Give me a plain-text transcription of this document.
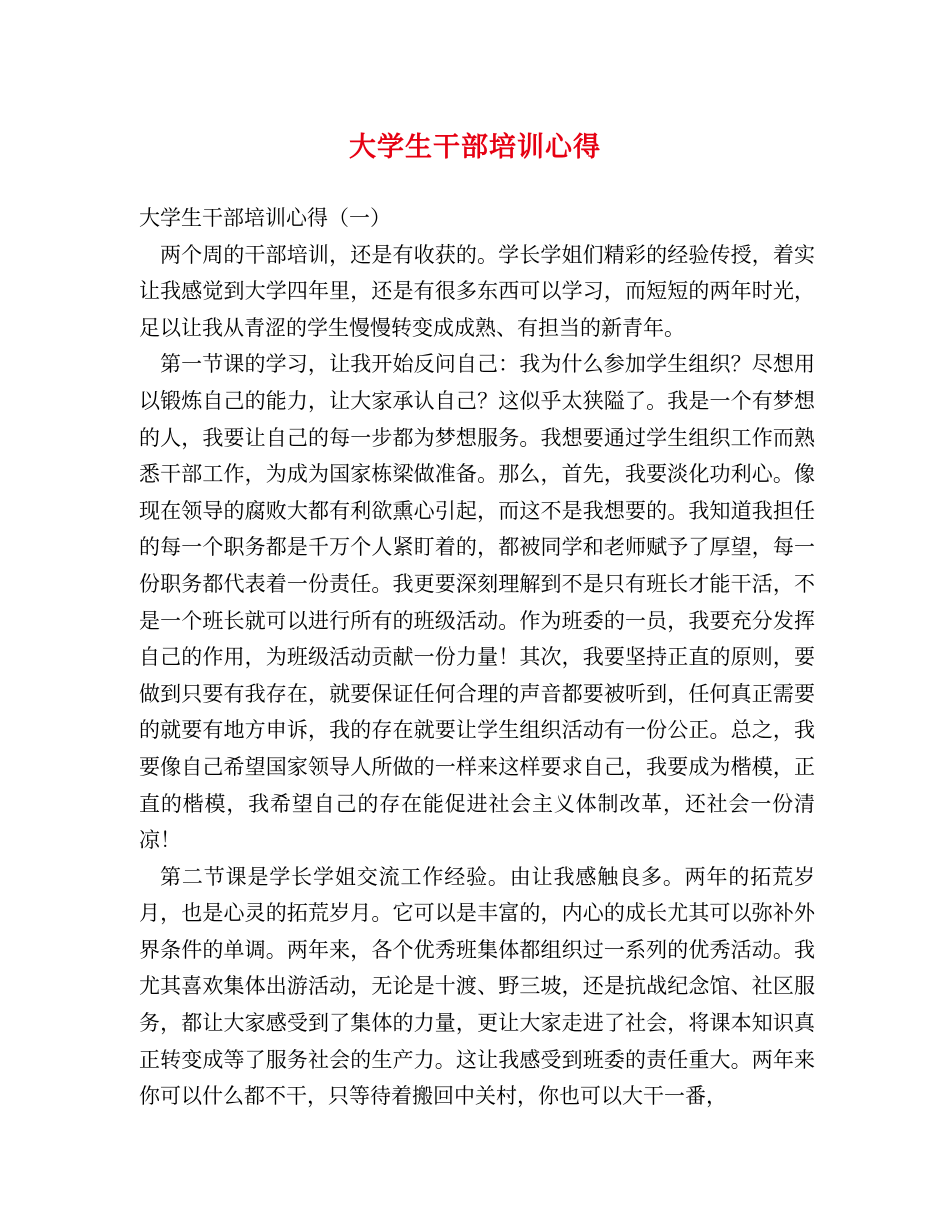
大学生干部培训心得

大学生干部培训心得（一）

两个周的干部培训，还是有收获的。学长学姐们精彩的经验传授，着实让我感觉到大学四年里，还是有很多东西可以学习，而短短的两年时光，足以让我从青涩的学生慢慢转变成成熟、有担当的新青年。

第一节课的学习，让我开始反问自己：我为什么参加学生组织？尽想用以锻炼自己的能力，让大家承认自己？这似乎太狭隘了。我是一个有梦想的人，我要让自己的每一步都为梦想服务。我想要通过学生组织工作而熟悉干部工作，为成为国家栋梁做准备。那么，首先，我要淡化功利心。像现在领导的腐败大都有利欲熏心引起，而这不是我想要的。我知道我担任的每一个职务都是千万个人紧盯着的，都被同学和老师赋予了厚望，每一份职务都代表着一份责任。我更要深刻理解到不是只有班长才能干活，不是一个班长就可以进行所有的班级活动。作为班委的一员，我要充分发挥自己的作用，为班级活动贡献一份力量！其次，我要坚持正直的原则，要做到只要有我存在，就要保证任何合理的声音都要被听到，任何真正需要的就要有地方申诉，我的存在就要让学生组织活动有一份公正。总之，我要像自己希望国家领导人所做的一样来这样要求自己，我要成为楷模，正直的楷模，我希望自己的存在能促进社会主义体制改革，还社会一份清凉！

第二节课是学长学姐交流工作经验。由让我感触良多。两年的拓荒岁月，也是心灵的拓荒岁月。它可以是丰富的，内心的成长尤其可以弥补外界条件的单调。两年来，各个优秀班集体都组织过一系列的优秀活动。我尤其喜欢集体出游活动，无论是十渡、野三坡，还是抗战纪念馆、社区服务，都让大家感受到了集体的力量，更让大家走进了社会，将课本知识真正转变成等了服务社会的生产力。这让我感受到班委的责任重大。两年来你可以什么都不干，只等待着搬回中关村，你也可以大干一番，
